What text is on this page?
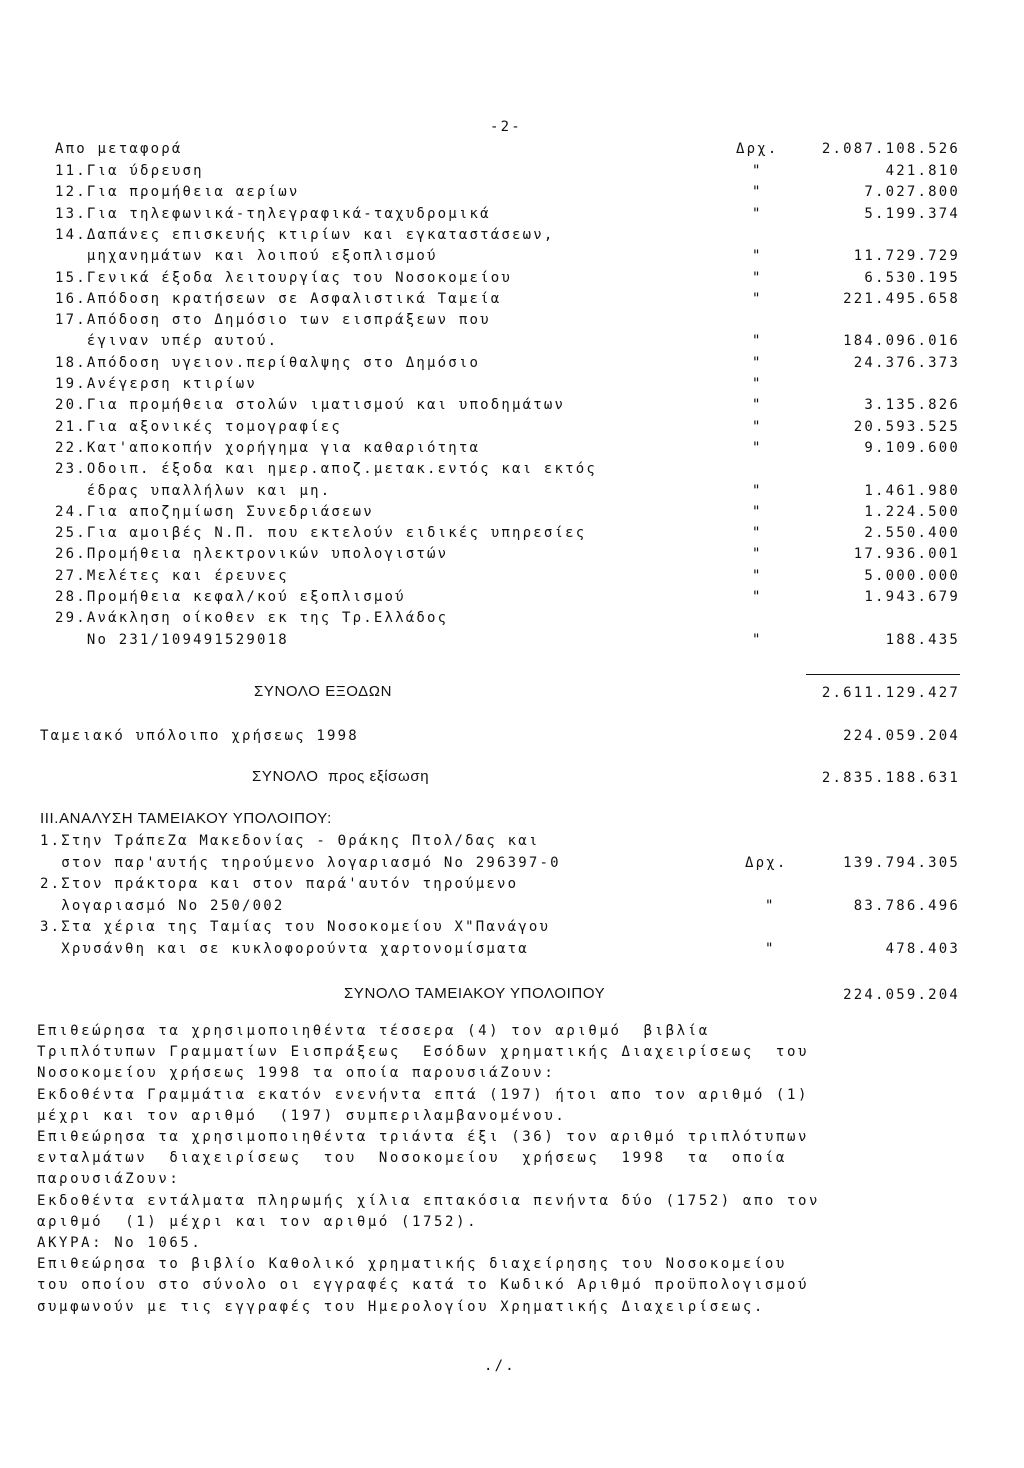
-2-
Απο μεταφορά	Δρχ.	2.087.108.526
11.Για ύδρευση	"	421.810
12.Για προμήθεια αερίων	"	7.027.800
13.Για τηλεφωνικά-τηλεγραφικά-ταχυδρομικά	"	5.199.374
14.Δαπάνες επισκευής κτιρίων και εγκαταστάσεων,
μηχανημάτων και λοιπού εξοπλισμού	"	11.729.729
15.Γενικά έξοδα λειτουργίας του Νοσοκομείου	"	6.530.195
16.Απόδοση κρατήσεων σε Ασφαλιστικά Ταμεία	"	221.495.658
17.Απόδοση στο Δημόσιο των εισπράξεων που
έγιναν υπέρ αυτού.	"	184.096.016
18.Απόδοση υγειον.περίθαλψης στο Δημόσιο	"	24.376.373
19.Ανέγερση κτιρίων	"
20.Για προμήθεια στολών ιματισμού και υποδημάτων	"	3.135.826
21.Για αξονικές τομογραφίες	"	20.593.525
22.Κατ'αποκοπήν χορήγημα για καθαριότητα	"	9.109.600
23.Οδοιπ. έξοδα και ημερ.αποζ.μετακ.εντός και εκτός
έδρας υπαλλήλων και μη.	"	1.461.980
24.Για αποζημίωση Συνεδριάσεων	"	1.224.500
25.Για αμοιβές Ν.Π. που εκτελούν ειδικές υπηρεσίες	"	2.550.400
26.Προμήθεια ηλεκτρονικών υπολογιστών	"	17.936.001
27.Μελέτες και έρευνες	"	5.000.000
28.Προμήθεια κεφαλ/κού εξοπλισμού	"	1.943.679
29.Ανάκληση οίκοθεν εκ της Τρ.Ελλάδος
Νο 231/109491529018	"	188.435
ΣΥΝΟΛΟ ΕΞΟΔΩΝ	2.611.129.427
Ταμειακό υπόλοιπο χρήσεως 1998	224.059.204
ΣΥΝΟΛΟ  προς εξίσωση	2.835.188.631
III.ΑΝΑΛΥΣΗ ΤΑΜΕΙΑΚΟΥ ΥΠΟΛΟΙΠΟΥ:
1.Στην ΤράπεΖα Μακεδονίας - Θράκης Πτολ/δας και
στον παρ'αυτής τηρούμενο λογαριασμό Νο 296397-0	Δρχ.	139.794.305
2.Στον πράκτορα και στον παρά'αυτόν τηρούμενο
λογαριασμό Νο 250/002	"	83.786.496
3.Στα χέρια της Ταμίας του Νοσοκομείου Χ"Πανάγου
Χρυσάνθη και σε κυκλοφορούντα χαρτονομίσματα	"	478.403
ΣΥΝΟΛΟ ΤΑΜΕΙΑΚΟΥ ΥΠΟΛΟΙΠΟΥ	224.059.204
Επιθεώρησα τα χρησιμοποιηθέντα τέσσερα (4) τον αριθμό  βιβλία
Τριπλότυπων Γραμματίων Εισπράξεως  Εσόδων χρηματικής Διαχειρίσεως  του
Νοσοκομείου χρήσεως 1998 τα οποία παρουσιάΖουν:
Εκδοθέντα Γραμμάτια εκατόν ενενήντα επτά (197) ήτοι απο τον αριθμό (1)
μέχρι και τον αριθμό  (197) συμπεριλαμβανομένου.
Επιθεώρησα τα χρησιμοποιηθέντα τριάντα έξι (36) τον αριθμό τριπλότυπων
ενταλμάτων  διαχειρίσεως  του  Νοσοκομείου  χρήσεως  1998  τα  οποία
παρουσιάΖουν:
Εκδοθέντα εντάλματα πληρωμής χίλια επτακόσια πενήντα δύο (1752) απο τον
αριθμό  (1) μέχρι και τον αριθμό (1752).
ΑΚΥΡΑ: Νο 1065.
Επιθεώρησα το βιβλίο Καθολικό χρηματικής διαχείρησης του Νοσοκομείου
του οποίου στο σύνολο οι εγγραφές κατά το Κωδικό Αριθμό προϋπολογισμού
συμφωνούν με τις εγγραφές του Ημερολογίου Χρηματικής Διαχειρίσεως.
./.
